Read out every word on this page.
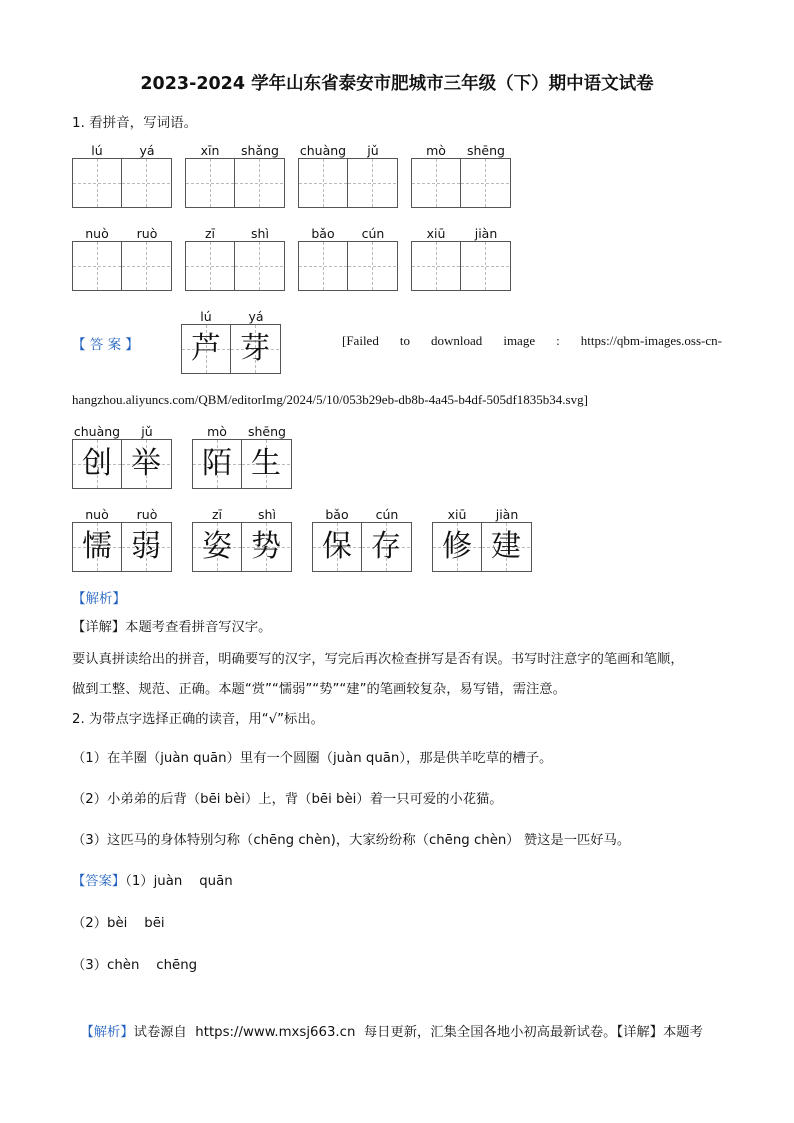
2023-2024 学年山东省泰安市肥城市三年级（下）期中语文试卷
1. 看拼音，写词语。
lú	yá	xīn	shǎng	chuàng	jǔ	mò	shēng
nuò	ruò	zī	shì	bǎo	cún	xiū	jiàn
【 答 案 】
lú	yá
芦 芽	[Failed to download image : https://qbm-images.oss-cn-
hangzhou.aliyuncs.com/QBM/editorImg/2024/5/10/053b29eb-db8b-4a45-b4df-505df1835b34.svg]
chuàng	jǔ
创 举
mò	shēng
陌 生
nuò	ruò
懦 弱
zī	shì
姿 势
bǎo	cún
保 存
xiū	jiàn
修 建
【解析】
【详解】本题考查看拼音写汉字。
要认真拼读给出的拼音，明确要写的汉字，写完后再次检查拼写是否有误。书写时注意字的笔画和笔顺，
做到工整、规范、正确。本题“赏”“懦弱”“势”“建”的笔画较复杂，易写错，需注意。
2. 为带点字选择正确的读音，用“√”标出。
（1）在羊圈（juàn quān）里有一个圆圈（juàn quān），那是供羊吃草的槽子。
（2）小弟弟的后背（bēi bèi）上，背（bēi bèi）着一只可爱的小花猫。
（3）这匹马的身体特别匀称（chēng chèn)，大家纷纷称（chēng chèn） 赞这是一匹好马。
【答案】（1）juàn    quān
（2）bèi    bēi
（3）chèn    chēng

【解析】试卷源自  https://www.mxsj663.cn  每日更新，汇集全国各地小初高最新试卷。【详解】本题考
